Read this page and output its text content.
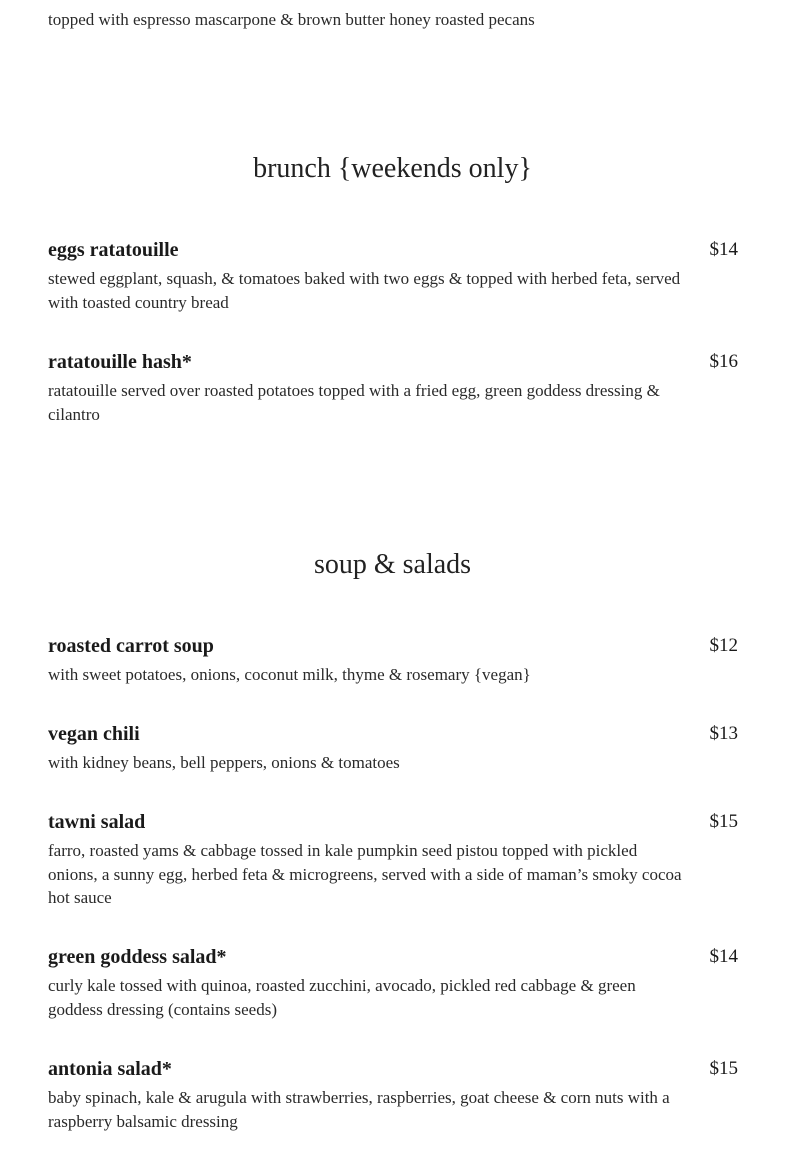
topped with espresso mascarpone & brown butter honey roasted pecans
brunch {weekends only}
eggs ratatouille	$14
stewed eggplant, squash, & tomatoes baked with two eggs & topped with herbed feta, served with toasted country bread
ratatouille hash*	$16
ratatouille served over roasted potatoes topped with a fried egg, green goddess dressing & cilantro
soup & salads
roasted carrot soup	$12
with sweet potatoes, onions, coconut milk, thyme & rosemary {vegan}
vegan chili	$13
with kidney beans, bell peppers, onions & tomatoes
tawni salad	$15
farro, roasted yams & cabbage tossed in kale pumpkin seed pistou topped with pickled onions, a sunny egg, herbed feta & microgreens, served with a side of maman’s smoky cocoa hot sauce
green goddess salad*	$14
curly kale tossed with quinoa, roasted zucchini, avocado, pickled red cabbage & green goddess dressing (contains seeds)
antonia salad*	$15
baby spinach, kale & arugula with strawberries, raspberries, goat cheese & corn nuts with a raspberry balsamic dressing
